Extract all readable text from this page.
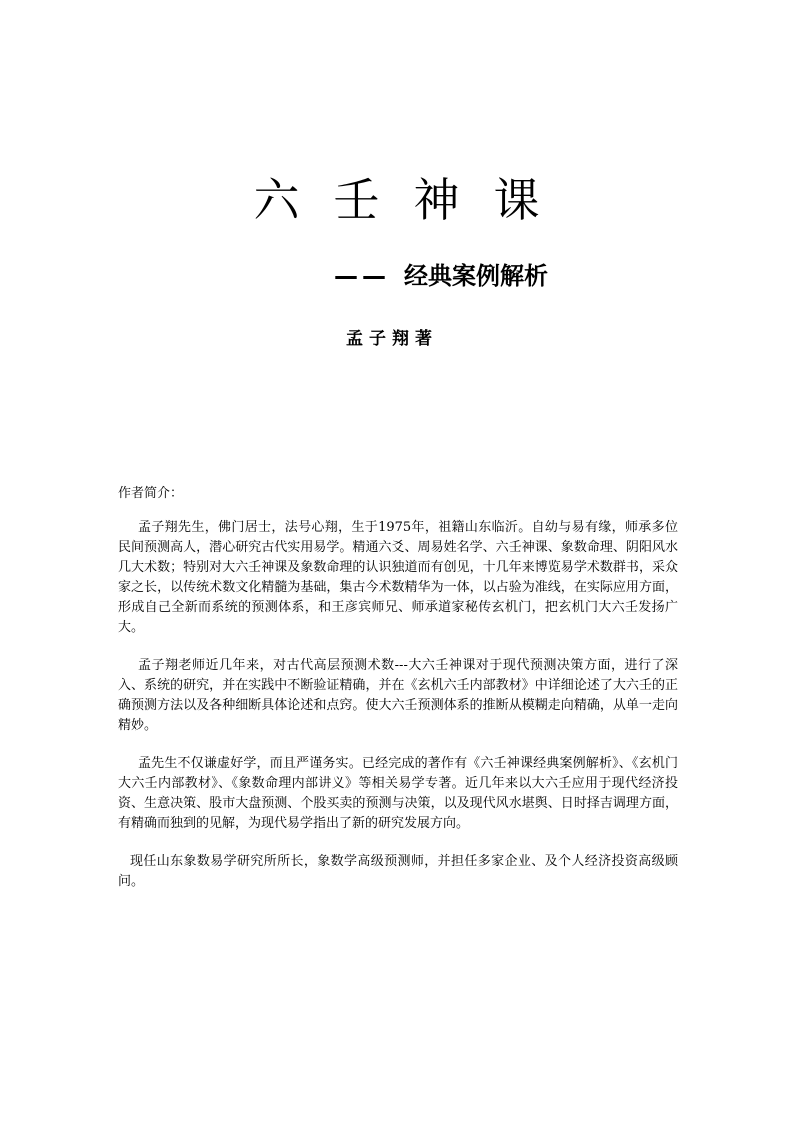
六壬神课
—— 经典案例解析
孟子翔著
作者简介：

孟子翔先生，佛门居士，法号心翔，生于1975年，祖籍山东临沂。自幼与易有缘，师承多位民间预测高人，潜心研究古代实用易学。精通六爻、周易姓名学、六壬神课、象数命理、阴阳风水几大术数；特别对大六壬神课及象数命理的认识独道而有创见，十几年来博览易学术数群书，采众家之长，以传统术数文化精髓为基础，集古今术数精华为一体，以占验为准线，在实际应用方面，形成自己全新而系统的预测体系，和王彦宾师兄、师承道家秘传玄机门，把玄机门大六壬发扬广大。

孟子翔老师近几年来，对古代高层预测术数---大六壬神课对于现代预测决策方面，进行了深入、系统的研究，并在实践中不断验证精确，并在《玄机六壬内部教材》中详细论述了大六壬的正确预测方法以及各种细断具体论述和点窍。使大六壬预测体系的推断从模糊走向精确，从单一走向精妙。

孟先生不仅谦虚好学，而且严谨务实。已经完成的著作有《六壬神课经典案例解析》、《玄机门大六壬内部教材》、《象数命理内部讲义》等相关易学专著。近几年来以大六壬应用于现代经济投资、生意决策、股市大盘预测、个股买卖的预测与决策，以及现代风水堪舆、日时择吉调理方面，有精确而独到的见解，为现代易学指出了新的研究发展方向。

现任山东象数易学研究所所长，象数学高级预测师，并担任多家企业、及个人经济投资高级顾问。
